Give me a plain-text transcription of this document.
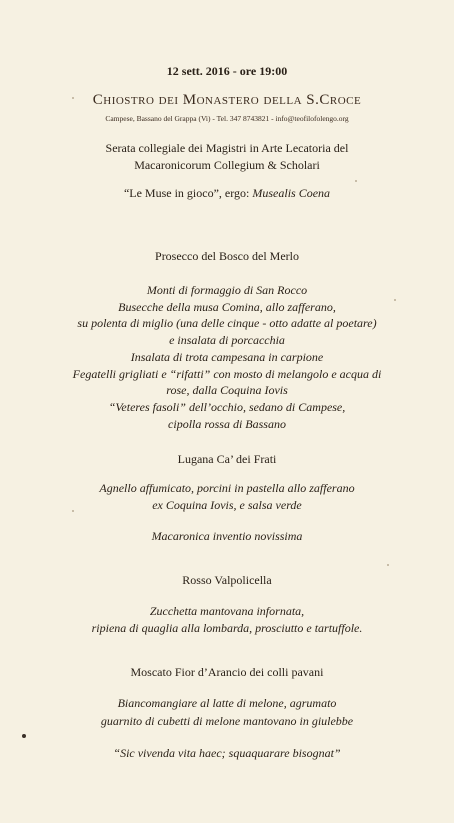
12 sett. 2016 - ore 19:00
Chiostro dei Monastero della S.Croce
Campese, Bassano del Grappa (Vi) - Tel. 347 8743821 - info@teofilofolengo.org
Serata collegiale dei Magistri in Arte Lecatoria del
Macaronicorum Collegium & Scholari
“Le Muse in gioco”, ergo: Musealis Coena
Prosecco del Bosco del Merlo
Monti di formaggio di San Rocco
Busecche della musa Comina, allo zafferano,
su polenta di miglio (una delle cinque - otto adatte al poetare)
e insalata di porcacchia
Insalata di trota campesana in carpione
Fegatelli grigliati e “rifatti” con mosto di melangolo e acqua di
rose, dalla Coquina Iovis
“Veteres fasoli” dell’occhio, sedano di Campese,
cipolla rossa di Bassano
Lugana Ca’ dei Frati
Agnello affumicato, porcini in pastella allo zafferano
ex Coquina Iovis, e salsa verde
Macaronica inventio novissima
Rosso Valpolicella
Zucchetta mantovana infornata,
ripiena di quaglia alla lombarda, prosciutto e tartuffole.
Moscato Fior d’Arancio dei colli pavani
Biancomangiare al latte di melone, agrumato
guarnito di cubetti di melone mantovano in giulebbe
“Sic vivenda vita haec; squaquarare bisognat”
